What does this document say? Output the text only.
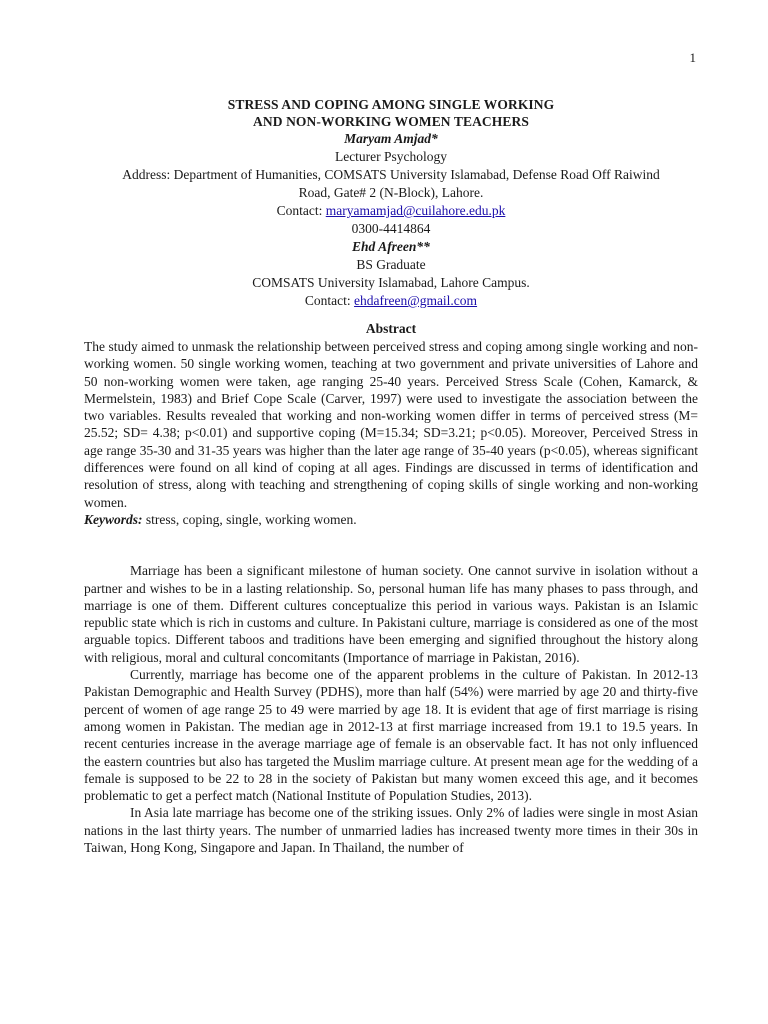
1
STRESS AND COPING AMONG SINGLE WORKING
AND NON-WORKING WOMEN TEACHERS
Maryam Amjad*
Lecturer Psychology
Address: Department of Humanities, COMSATS University Islamabad, Defense Road Off Raiwind
Road, Gate# 2 (N-Block), Lahore.
Contact: maryamamjad@cuilahore.edu.pk
0300-4414864
Ehd Afreen**
BS Graduate
COMSATS University Islamabad, Lahore Campus.
Contact: ehdafreen@gmail.com
Abstract

The study aimed to unmask the relationship between perceived stress and coping among single working and non-working women. 50 single working women, teaching at two government and private universities of Lahore and 50 non-working women were taken, age ranging 25-40 years. Perceived Stress Scale (Cohen, Kamarck, & Mermelstein, 1983) and Brief Cope Scale (Carver, 1997) were used to investigate the association between the two variables. Results revealed that working and non-working women differ in terms of perceived stress (M= 25.52; SD= 4.38; p<0.01) and supportive coping (M=15.34; SD=3.21; p<0.05). Moreover, Perceived Stress in age range 35-30 and 31-35 years was higher than the later age range of 35-40 years (p<0.05), whereas significant differences were found on all kind of coping at all ages. Findings are discussed in terms of identification and resolution of stress, along with teaching and strengthening of coping skills of single working and non-working women.

Keywords: stress, coping, single, working women.

Marriage has been a significant milestone of human society. One cannot survive in isolation without a partner and wishes to be in a lasting relationship. So, personal human life has many phases to pass through, and marriage is one of them. Different cultures conceptualize this period in various ways. Pakistan is an Islamic republic state which is rich in customs and culture. In Pakistani culture, marriage is considered as one of the most arguable topics. Different taboos and traditions have been emerging and signified throughout the history along with religious, moral and cultural concomitants (Importance of marriage in Pakistan, 2016).

Currently, marriage has become one of the apparent problems in the culture of Pakistan. In 2012-13 Pakistan Demographic and Health Survey (PDHS), more than half (54%) were married by age 20 and thirty-five percent of women of age range 25 to 49 were married by age 18. It is evident that age of first marriage is rising among women in Pakistan. The median age in 2012-13 at first marriage increased from 19.1 to 19.5 years. In recent centuries increase in the average marriage age of female is an observable fact. It has not only influenced the eastern countries but also has targeted the Muslim marriage culture. At present mean age for the wedding of a female is supposed to be 22 to 28 in the society of Pakistan but many women exceed this age, and it becomes problematic to get a perfect match (National Institute of Population Studies, 2013).

In Asia late marriage has become one of the striking issues. Only 2% of ladies were single in most Asian nations in the last thirty years. The number of unmarried ladies has increased twenty more times in their 30s in Taiwan, Hong Kong, Singapore and Japan. In Thailand, the number of
